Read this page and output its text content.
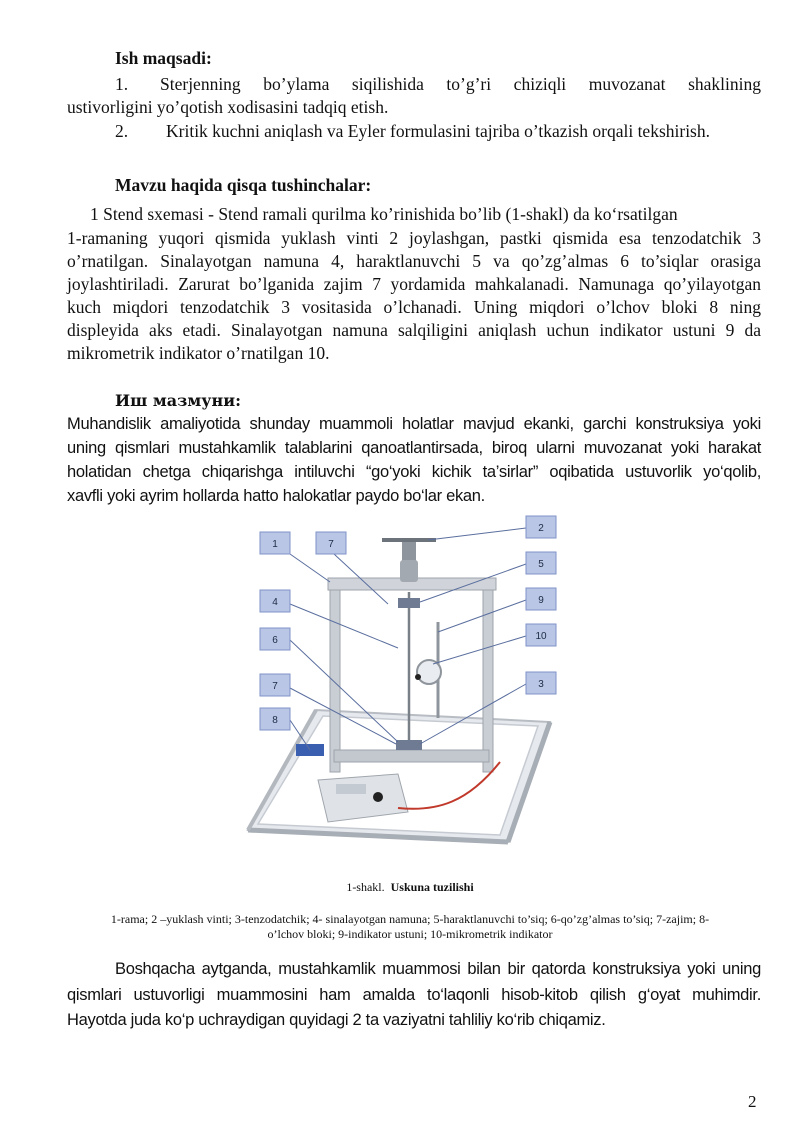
Ish maqsadi:

1. Sterjenning bo’ylama siqilishida to’g’ri chiziqli muvozanat shaklining

ustivorligini yo’qotish xodisasini tadqiq etish.

2. Kritik kuchni aniqlash va Eyler formulasini tajriba o’tkazish orqali tekshirish.

Mavzu haqida qisqa tushinchalar:

1 Stend sxemasi - Stend ramali qurilma ko’rinishida bo’lib (1-shakl) da ko‘rsatilgan

1-ramaning yuqori qismida yuklash vinti 2 joylashgan, pastki qismida esa tenzodatchik 3

o’rnatilgan. Sinalayotgan namuna 4, haraktlanuvchi 5 va qo’zg’almas 6 to’siqlar orasiga

joylashtiriladi. Zarurat bo’lganida zajim 7 yordamida mahkalanadi. Namunaga qo’yilayotgan

kuch miqdori tenzodatchik 3 vositasida o’lchanadi. Uning miqdori o’lchov bloki 8 ning

displeyida aks etadi. Sinalayotgan namuna salqiligini aniqlash uchun indikator ustuni 9 da

mikrometrik indikator o’rnatilgan 10.

Иш мазмуни:

Muhandislik amaliyotida shunday muammoli holatlar mavjud ekanki, garchi konstruksiya yoki

uning qismlari mustahkamlik talablarini qanoatlantirsada, biroq ularni muvozanat yoki harakat

holatidan chetga chiqarishga intiluvchi “go‘yoki kichik ta’sirlar” oqibatida ustuvorlik yo‘qolib,

xavfli yoki ayrim hollarda hatto halokatlar paydo bo‘lar ekan.

1	7
2
5
4	9
6	10
7	3
8
1-shakl. Uskuna tuzilishi
1-rama; 2 –yuklash vinti; 3-tenzodatchik; 4- sinalayotgan namuna; 5-haraktlanuvchi to’siq; 6-qo’zg’almas to’siq; 7-zajim; 8-
o’lchov bloki; 9-indikator ustuni; 10-mikrometrik indikator

Boshqacha aytganda, mustahkamlik muammosi bilan bir qatorda konstruksiya yoki uning

qismlari ustuvorligi muammosini ham amalda to‘laqonli hisob-kitob qilish g‘oyat muhimdir.

Hayotda juda ko‘p uchraydigan quyidagi 2 ta vaziyatni tahliliy ko‘rib chiqamiz.

2
